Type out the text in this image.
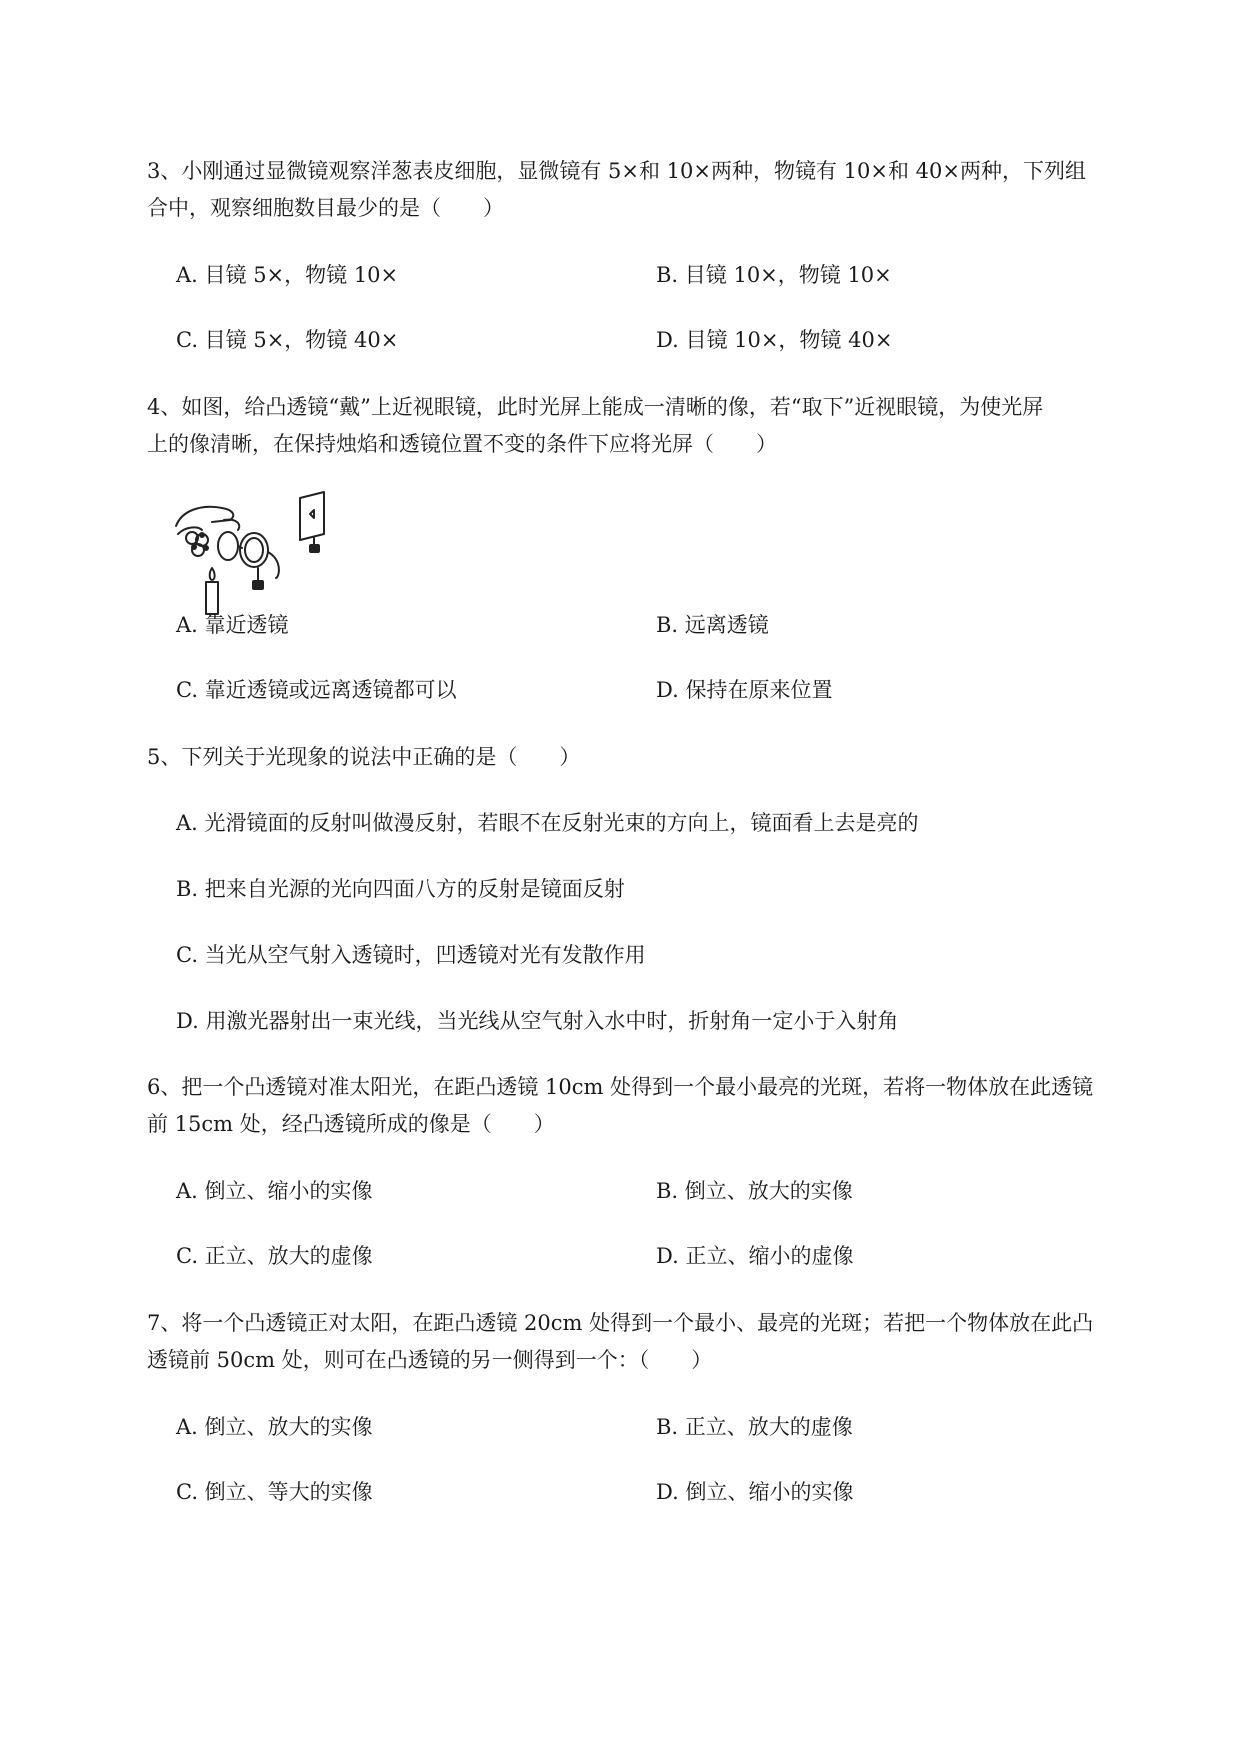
3、小刚通过显微镜观察洋葱表皮细胞，显微镜有 5×和 10×两种，物镜有 10×和 40×两种，下列组
合中，观察细胞数目最少的是（　　）
A. 目镜 5×，物镜 10×	B. 目镜 10×，物镜 10×
C. 目镜 5×，物镜 40×	D. 目镜 10×，物镜 40×
4、如图，给凸透镜“戴”上近视眼镜，此时光屏上能成一清晰的像，若“取下”近视眼镜，为使光屏
上的像清晰，在保持烛焰和透镜位置不变的条件下应将光屏（　　）
A. 靠近透镜	B. 远离透镜
C. 靠近透镜或远离透镜都可以	D. 保持在原来位置
5、下列关于光现象的说法中正确的是（　　）
A. 光滑镜面的反射叫做漫反射，若眼不在反射光束的方向上，镜面看上去是亮的
B. 把来自光源的光向四面八方的反射是镜面反射
C. 当光从空气射入透镜时，凹透镜对光有发散作用
D. 用激光器射出一束光线，当光线从空气射入水中时，折射角一定小于入射角
6、把一个凸透镜对准太阳光，在距凸透镜 10cm 处得到一个最小最亮的光斑，若将一物体放在此透镜
前 15cm 处，经凸透镜所成的像是（　　）
A. 倒立、缩小的实像	B. 倒立、放大的实像
C. 正立、放大的虚像	D. 正立、缩小的虚像
7、将一个凸透镜正对太阳，在距凸透镜 20cm 处得到一个最小、最亮的光斑；若把一个物体放在此凸
透镜前 50cm 处，则可在凸透镜的另一侧得到一个：（　　）
A. 倒立、放大的实像	B. 正立、放大的虚像
C. 倒立、等大的实像	D. 倒立、缩小的实像
